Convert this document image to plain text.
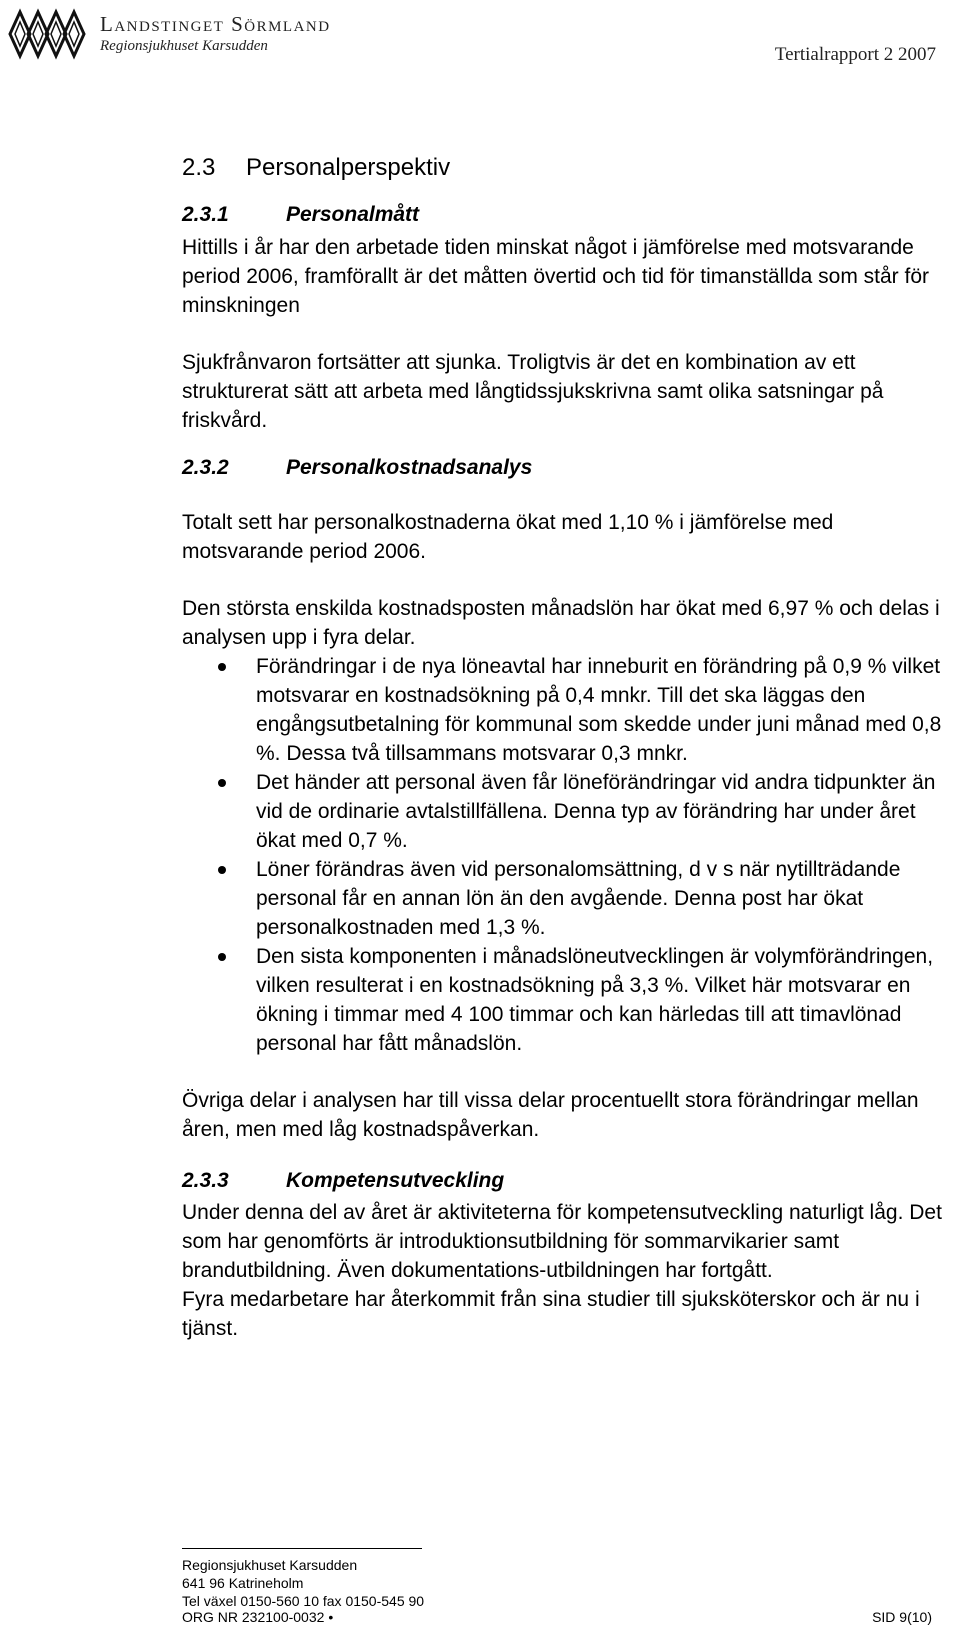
Landstinget Sörmland
Regionsjukhuset Karsudden	Tertialrapport 2 2007
2.3 Personalperspektiv
2.3.1	Personalmått

Hittills i år har den arbetade tiden minskat något i jämförelse med motsvarande period 2006, framförallt är det måtten övertid och tid för timanställda som står för minskningen

Sjukfrånvaron fortsätter att sjunka. Troligtvis är det en kombination av ett strukturerat sätt att arbeta med långtidssjukskrivna samt olika satsningar på friskvård.

2.3.2	Personalkostnadsanalys

Totalt sett har personalkostnaderna ökat med 1,10 % i jämförelse med motsvarande period 2006.

Den största enskilda kostnadsposten månadslön har ökat med 6,97 % och delas i analysen upp i fyra delar.

Förändringar i de nya löneavtal har inneburit en förändring på 0,9 % vilket motsvarar en kostnadsökning på 0,4 mnkr. Till det ska läggas den engångsutbetalning för kommunal som skedde under juni månad med 0,8 %. Dessa två tillsammans motsvarar 0,3 mnkr.
Det händer att personal även får löneförändringar vid andra tidpunkter än vid de ordinarie avtalstillfällena. Denna typ av förändring har under året ökat med 0,7 %.
Löner förändras även vid personalomsättning, d v s när nytillträdande personal får en annan lön än den avgående. Denna post har ökat personalkostnaden med 1,3 %.
Den sista komponenten i månadslöneutvecklingen är volymförändringen, vilken resulterat i en kostnadsökning på 3,3 %. Vilket här motsvarar en ökning i timmar med 4 100 timmar och kan härledas till att timavlönad personal har fått månadslön.

Övriga delar i analysen har till vissa delar procentuellt stora förändringar mellan åren, men med låg kostnadspåverkan.

2.3.3	Kompetensutveckling

Under denna del av året är aktiviteterna för kompetensutveckling naturligt låg. Det som har genomförts är introduktionsutbildning för sommarvikarier samt brandutbildning. Även dokumentations-utbildningen har fortgått.

Fyra medarbetare har återkommit från sina studier till sjuksköterskor och är nu i tjänst.

Regionsjukhuset Karsudden
641 96 Katrineholm
Tel växel 0150-560 10 fax 0150-545 90
ORG NR 232100-0032 •	SID 9(10)
